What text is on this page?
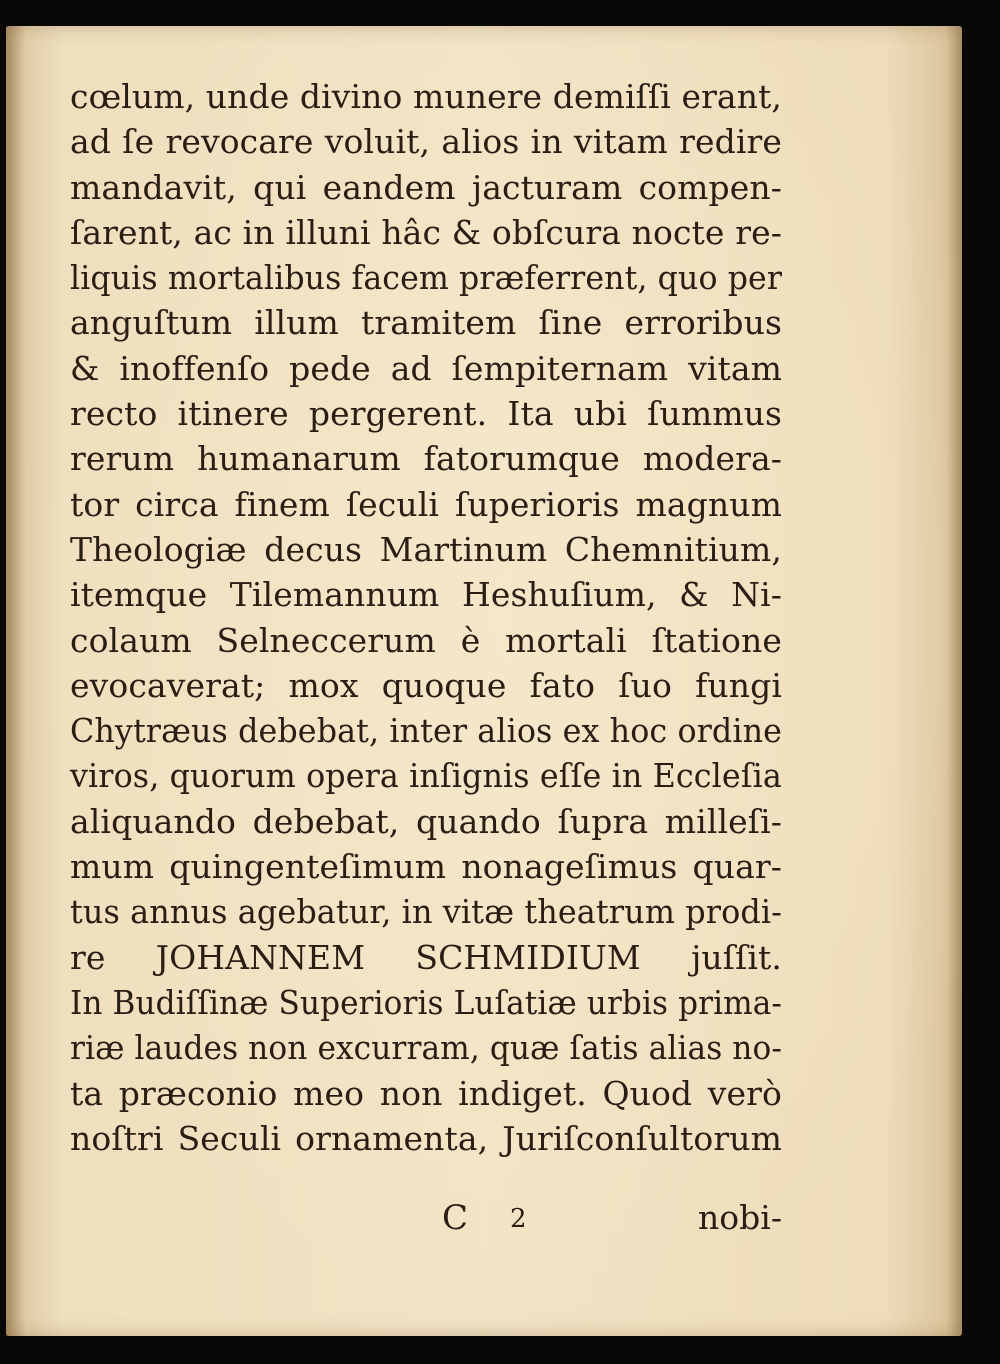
cœlum, unde divino munere demiſſi erant,
ad ſe revocare voluit, alios in vitam redire
mandavit, qui eandem jacturam compen-
ſarent, ac in illuni hâc & obſcura nocte re-
liquis mortalibus facem præferrent, quo per
anguſtum illum tramitem ſine erroribus
& inoffenſo pede ad ſempiternam vitam
recto itinere pergerent. Ita ubi ſummus
rerum humanarum fatorumque modera-
tor circa finem ſeculi ſuperioris magnum
Theologiæ decus Martinum Chemnitium,
itemque Tilemannum Heshuſium, & Ni-
colaum Selneccerum è mortali ſtatione
evocaverat; mox quoque fato ſuo fungi
Chytræus debebat, inter alios ex hoc ordine
viros, quorum opera inſignis eſſe in Eccleſia
aliquando debebat, quando ſupra milleſi-
mum quingenteſimum nonageſimus quar-
tus annus agebatur, in vitæ theatrum prodi-
re JOHANNEM SCHMIDIUM juſſit.
In Budiſſinæ Superioris Luſatiæ urbis prima-
riæ laudes non excurram, quæ ſatis alias no-
ta præconio meo non indiget. Quod verò
noſtri Seculi ornamenta, Juriſconſultorum
C 2	nobi-
